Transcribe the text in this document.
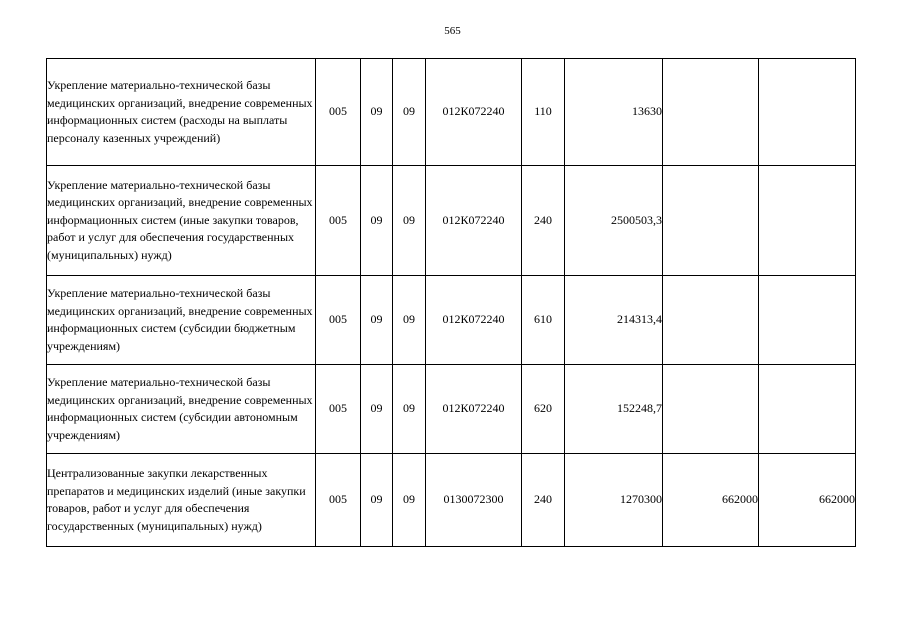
565
Укрепление материально-технической базы медицинских организаций, внедрение современных информационных систем (расходы на выплаты персоналу казенных учреждений)	005	09	09	012К072240	110	13630		
Укрепление материально-технической базы медицинских организаций, внедрение современных информационных систем (иные закупки товаров, работ и услуг для обеспечения государственных (муниципальных) нужд)	005	09	09	012К072240	240	2500503,3		
Укрепление материально-технической базы медицинских организаций, внедрение современных информационных систем (субсидии бюджетным учреждениям)	005	09	09	012К072240	610	214313,4		
Укрепление материально-технической базы медицинских организаций, внедрение современных информационных систем (субсидии автономным учреждениям)	005	09	09	012К072240	620	152248,7		
Централизованные закупки лекарственных препаратов и медицинских изделий (иные закупки товаров, работ и услуг для обеспечения государственных (муниципальных) нужд)	005	09	09	0130072300	240	1270300	662000	662000
